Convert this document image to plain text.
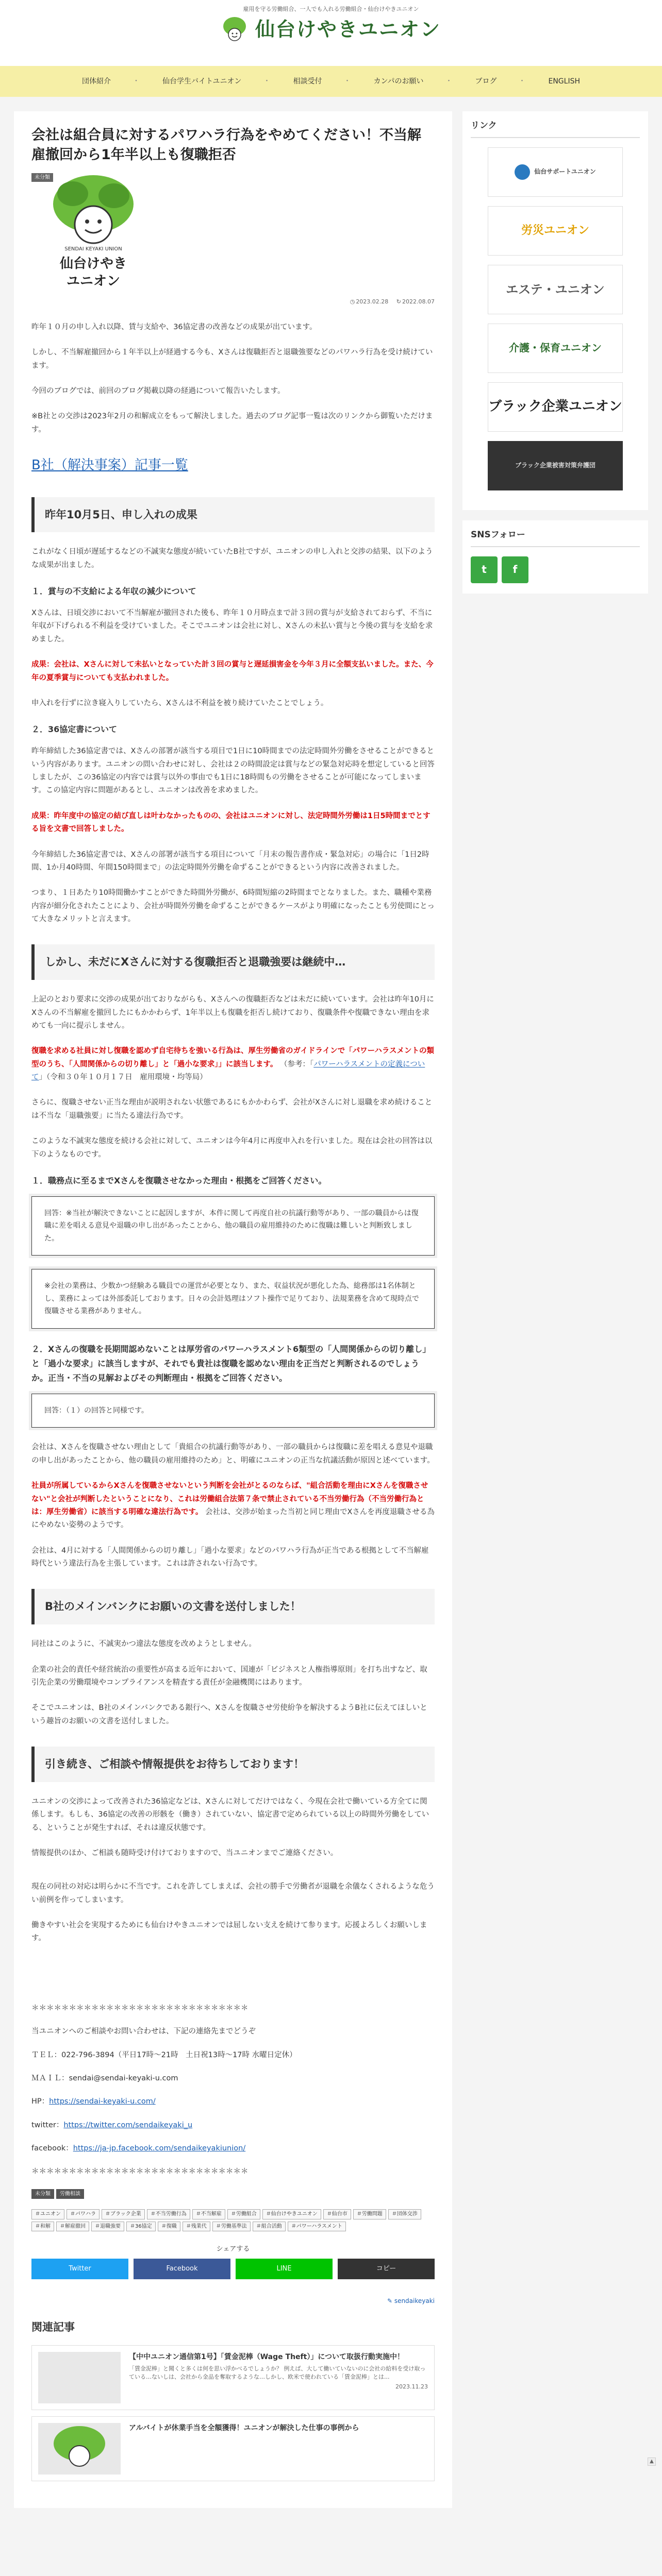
雇用を守る労働組合、一人でも入れる労働組合・仙台けやきユニオン
仙台けやきユニオン
団体紹介	・ 仙台学生バイトユニオン	・ 相談受付	・ カンパのお願い	・ ブログ	・ ENGLISH
会社は組合員に対するパワハラ行為をやめてください！不当解雇撤回から1年半以上も復職拒否
SENDAI KEYAKI UNION
仙台けやき
ユニオン
未分類
◷ 2023.02.28 ↻ 2022.08.07

昨年１０月の申し入れ以降、賃与支給や、36協定書の改善などの成果が出ています。

しかし、不当解雇撤回から１年半以上が経過する今も、Xさんは復職拒否と退職強要などのパワハラ行為を受け続けています。

今回のブログでは、前回のブログ掲載以降の経過について報告いたします。

※B社との交渉は2023年2月の和解成立をもって解決しました。過去のブログ記事一覧は次のリンクから御覧いただけます。

B社（解決事案）記事一覧
昨年10月5日、申し入れの成果

これがなく日頃が遅延するなどの不誠実な態度が続いていたB社ですが、ユニオンの申し入れと交渉の結果、以下のような成果が出ました。

１．賞与の不支給による年収の減少について

Xさんは、日頃交渉において不当解雇が撤回された後も、昨年１０月時点まで計３回の賞与が支給されておらず、不当に年収が下げられる不利益を受けていました。そこでユニオンは会社に対し、Xさんの未払い賞与と今後の賞与を支給を求めました。

成果：会社は、Xさんに対して未払いとなっていた計３回の賞与と遅延損害金を今年３月に全額支払いました。また、今年の夏季賞与についても支払われました。

申入れを行ずに泣き寝入りしていたら、Xさんは不利益を被り続けていたことでしょう。

２．36協定書について

昨年締結した36協定書では、Xさんの部署が該当する項目で1日に10時間までの法定時間外労働をさせることができるという内容があります。ユニオンの問い合わせに対し、会社は２の時間設定は賞与などの緊急対応時を想定していると回答しましたが、この36協定の内容では賞与以外の事由でも1日に18時間もの労働をさせることが可能になってしまいます。この協定内容に問題があるとし、ユニオンは改善を求めました。

成果：昨年度中の協定の結び直しは叶わなかったものの、会社はユニオンに対し、法定時間外労働は1日5時間までとする旨を文書で回答しました。

今年締結した36協定書では、Xさんの部署が該当する項目について「月末の報告書作成・緊急対応」の場合に「1日2時間、1か月40時間、年間150時間まで」の法定時間外労働を命ずることができるという内容に改善されました。

つまり、１日あたり10時間働かすことができた時間外労働が、6時間短縮の2時間までとなりました。また、職種や業務内容が細分化されたことにより、会社が時間外労働を命ずることができるケースがより明確になったことも労使間にとって大きなメリットと言えます。

しかし、未だにXさんに対する復職拒否と退職強要は継続中…

上記のとおり要求に交渉の成果が出ておりながらも、Xさんへの復職拒否などは未だに続いています。会社は昨年10月にXさんの不当解雇を撤回したにもかかわらず、1年半以上も復職を拒否し続けており、復職条件や復職できない理由を求めても一向に提示しません。

復職を求める社員に対し復職を認めず自宅待ちを強いる行為は、厚生労働省のガイドラインで「パワーハラスメントの類型のうち、「人間関係からの切り離し」と「過小な要求」」に該当します。 （参考：「パワーハラスメントの定義について」（令和３０年１０月１７日　雇用環境・均等局）

さらに、復職させない正当な理由が説明されない状態であるにもかかわらず、会社がXさんに対し退職を求め続けることは不当な「退職強要」に当たる違法行為です。

このような不誠実な態度を続ける会社に対して、ユニオンは今年4月に再度申入れを行いました。現在は会社の回答は以下のようなものです。

１．職務点に至るまでXさんを復職させなかった理由・根拠をご回答ください。
回答：※当社が解決できないことに起因しますが、本件に関して再度自社の抗議行動等があり、一部の職員からは復職に差を唱える意見や退職の申し出があったことから、他の職員の雇用維持のために復職は難しいと判断致しました。
※会社の業務は、少数かつ経験ある職員での運営が必要となり、また、収益状況が悪化した為、総務部は1名体制とし、業務によっては外部委託しております。日々の会計処理はソフト操作で足りており、法規業務を含めて現時点で復職させる業務がありません。
２．Xさんの復職を長期間認めないことは厚労省のパワーハラスメント6類型の「人間関係からの切り離し」と「過小な要求」に該当しますが、それでも貴社は復職を認めない理由を正当だと判断されるのでしょうか。正当・不当の見解およびその判断理由・根拠をご回答ください。
回答：（１）の回答と同様です。

会社は、Xさんを復職させない理由として「貴組合の抗議行動等があり、一部の職員からは復職に差を唱える意見や退職の申し出があったことから、他の職員の雇用維持のため」と、明確にユニオンの正当な抗議活動が原因と述べています。

社員が所属しているからXさんを復職させないという判断を会社がとるのならば、"組合活動を理由にXさんを復職させない"と会社が判断したということになり、これは労働組合法第７条で禁止されている不当労働行為（不当労働行為とは：厚生労働省）に該当する明確な違法行為です。 会社は、交渉が始まった当初と同じ理由でXさんを再度退職させる為にやめない姿勢のようです。

会社は、4月に対する「人間関係からの切り離し」「過小な要求」などのパワハラ行為が正当である根拠として不当解雇時代という違法行為を主張しています。これは許されない行為です。

B社のメインバンクにお願いの文書を送付しました！

同社はこのように、不誠実かつ違法な態度を改めようとしません。

企業の社会的責任や経営統治の重要性が高まる近年において、国連が「ビジネスと人権指導原則」を打ち出すなど、取引先企業の労働環境やコンプライアンスを精査する責任が金融機関にはあります。

そこでユニオンは、B社のメインバンクである銀行へ、Xさんを復職させ労使紛争を解決するようB社に伝えてほしいという趣旨のお願いの文書を送付しました。

引き続き、ご相談や情報提供をお待ちしております！

ユニオンの交渉によって改善された36協定などは、Xさんに対してだけではなく、今現在会社で働いている方全てに関係します。もしも、36協定の改善の形骸を（働き）されていない、協定書で定められている以上の時間外労働をしている、ということが発生すれば、それは違反状態です。

情報提供のほか、ご相談も随時受け付けておりますので、当ユニオンまでご連絡ください。

現在の同社の対応は明らかに不当です。これを許してしまえば、会社の勝手で労働者が退職を余儀なくされるような危うい前例を作ってしまいます。

働きやすい社会を実現するためにも仙台けやきユニオンでは屈しない支えを続けて参ります。応援よろしくお願いします。

＊＊＊＊＊＊＊＊＊＊＊＊＊＊＊＊＊＊＊＊＊＊＊＊＊＊＊＊＊

当ユニオンへのご相談やお問い合わせは、下記の連絡先までどうぞ

ＴＥＬ：022-796-3894（平日17時〜21時　土日祝13時〜17時 水曜日定休）

ＭＡＩＬ：sendai@sendai-keyaki-u.com

HP：https://sendai-keyaki-u.com/

twitter：https://twitter.com/sendaikeyaki_u

facebook：https://ja-jp.facebook.com/sendaikeyakiunion/

＊＊＊＊＊＊＊＊＊＊＊＊＊＊＊＊＊＊＊＊＊＊＊＊＊＊＊＊＊

未分類	労働相談
＃ユニオン	＃パワハラ	＃ブラック企業	＃不当労働行為	＃不当解雇	＃労働組合	＃仙台けやきユニオン	＃仙台市	＃労働問題	＃団体交渉
＃和解	＃解雇撤回	＃退職強要	＃36協定	＃復職	＃残業代	＃労働基準法	＃組合活動	＃パワーハラスメント
シェアする
Twitter	Facebook	LINE	コピー
✎ sendaikeyaki
関連記事
【中中ユニオン通信第1号】「賃金泥棒（Wage Theft）」について取扱行動実施中！
「賃金泥棒」と聞くと多くは何を思い浮かべるでしょうか？ 例えば、大して働いていないのに会社の給料を受け取っている…ないしは、会社から金品を奪取するような…しかし、欧米で使われている「賃金泥棒」とは...
2023.11.23
アルバイトが休業手当を全額獲得！ユニオンが解決した仕事の事例から
リンク
仙台サポートユニオン
労災ユニオン
エステ・ユニオン
介護・保育ユニオン
ブラック企業ユニオン
ブラック企業被害対策弁護団
SNSフォロー
t	f
▲
